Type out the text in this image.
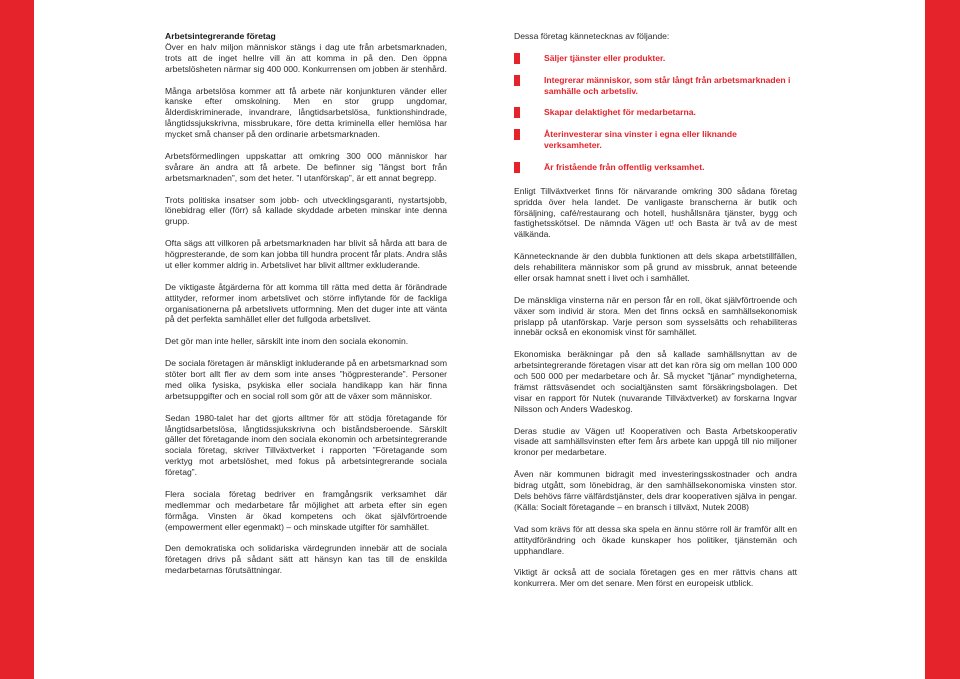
Arbetsintegrerande företag
Över en halv miljon människor stängs i dag ute från arbetsmarknaden, trots att de inget hellre vill än att komma in på den. Den öppna arbetslösheten närmar sig 400 000. Konkurrensen om jobben är stenhård.

Många arbetslösa kommer att få arbete när konjunkturen vänder eller kanske efter omskolning. Men en stor grupp ungdomar, ålderdiskriminerade, invandrare, långtidsarbetslösa, funktionshindrade, långtidssjukskrivna, missbrukare, före detta kriminella eller hemlösa har mycket små chanser på den ordinarie arbetsmarknaden.

Arbetsförmedlingen uppskattar att omkring 300 000 människor har svårare än andra att få arbete. De befinner sig ”längst bort från arbetsmarknaden”, som det heter. ”I utanförskap”, är ett annat begrepp.

Trots politiska insatser som jobb- och utvecklingsgaranti, nystartsjobb, lönebidrag eller (förr) så kallade skyddade arbeten minskar inte denna grupp.

Ofta sägs att villkoren på arbetsmarknaden har blivit så hårda att bara de högpresterande, de som kan jobba till hundra procent får plats. Andra slås ut eller kommer aldrig in. Arbetslivet har blivit alltmer exkluderande.

De viktigaste åtgärderna för att komma till rätta med detta är förändrade attityder, reformer inom arbetslivet och större inflytande för de fackliga organisationerna på arbetslivets utformning. Men det duger inte att vänta på det perfekta samhället eller det fullgoda arbetslivet.

Det gör man inte heller, särskilt inte inom den sociala ekonomin.

De sociala företagen är mänskligt inkluderande på en arbetsmarknad som stöter bort allt fler av dem som inte anses ”högpresterande”. Personer med olika fysiska, psykiska eller sociala handikapp kan här finna arbetsuppgifter och en social roll som gör att de växer som människor.

Sedan 1980-talet har det gjorts alltmer för att stödja företagande för långtidsarbetslösa, långtidssjukskrivna och biståndsberoende. Särskilt gäller det företagande inom den sociala ekonomin och arbetsintegrerande sociala företag, skriver Tillväxtverket i rapporten ”Företagande som verktyg mot arbetslöshet, med fokus på arbetsintegrerande sociala företag”.

Flera sociala företag bedriver en framgångsrik verksamhet där medlemmar och medarbetare får möjlighet att arbeta efter sin egen förmåga. Vinsten är ökad kompetens och ökat självförtroende (empowerment eller egenmakt) – och minskade utgifter för samhället.

Den demokratiska och solidariska värdegrunden innebär att de sociala företagen drivs på sådant sätt att hänsyn kan tas till de enskilda medarbetarnas förutsättningar.

Dessa företag kännetecknas av följande:

Säljer tjänster eller produkter.
Integrerar människor, som står långt från arbetsmarknaden i samhälle och arbetsliv.
Skapar delaktighet för medarbetarna.
Återinvesterar sina vinster i egna eller liknande verksamheter.
Är fristående från offentlig verksamhet.

Enligt Tillväxtverket finns för närvarande omkring 300 sådana företag spridda över hela landet. De vanligaste branscherna är butik och försäljning, café/restaurang och hotell, hushållsnära tjänster, bygg och fastighetsskötsel. De nämnda Vägen ut! och Basta är två av de mest välkända.

Kännetecknande är den dubbla funktionen att dels skapa arbetstillfällen, dels rehabilitera människor som på grund av missbruk, annat beteende eller orsak hamnat snett i livet och i samhället.

De mänskliga vinsterna när en person får en roll, ökat självförtroende och växer som individ är stora. Men det finns också en samhällsekonomisk prislapp på utanförskap. Varje person som sysselsätts och rehabiliteras innebär också en ekonomisk vinst för samhället.

Ekonomiska beräkningar på den så kallade samhällsnyttan av de arbetsintegrerande företagen visar att det kan röra sig om mellan 100 000 och 500 000 per medarbetare och år. Så mycket ”tjänar” myndigheterna, främst rättsväsendet och socialtjänsten samt försäkringsbolagen. Det visar en rapport för Nutek (nuvarande Tillväxtverket) av forskarna Ingvar Nilsson och Anders Wadeskog.

Deras studie av Vägen ut! Kooperativen och Basta Arbetskooperativ visade att samhällsvinsten efter fem års arbete kan uppgå till nio miljoner kronor per medarbetare.

Även när kommunen bidragit med investeringsskostnader och andra bidrag utgått, som lönebidrag, är den samhällsekonomiska vinsten stor. Dels behövs färre välfärdstjänster, dels drar kooperativen själva in pengar. (Källa: Socialt företagande – en bransch i tillväxt, Nutek 2008)

Vad som krävs för att dessa ska spela en ännu större roll är framför allt en attitydförändring och ökade kunskaper hos politiker, tjänstemän och upphandlare.

Viktigt är också att de sociala företagen ges en mer rättvis chans att konkurrera. Mer om det senare. Men först en europeisk utblick.
